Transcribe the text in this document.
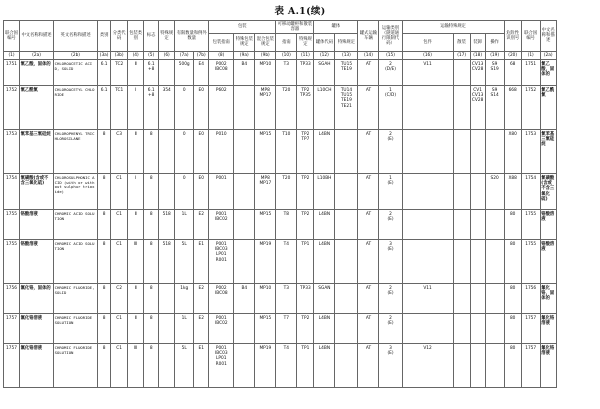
表 A.1(续)
联合国编号	中文名称和描述	英文名称和描述	类别	分类代码	包装类别	标志	特殊规定	有限数量和例外数量		包装			可移动罐柜和散装容器		罐体		罐式运输车辆	运输类别（隧道通行限制代码）	运输特殊规定				危险性识别号	联合国编号	中文名称和描述
										包装指南	特殊包装规定	混合包装规定	指南	特殊规定	罐体代码	特殊规定			包件	散装	装卸	操作			
(1)	(2a)	(2b)	(3a)	(3b)	(4)	(5)	(6)	(7a)	(7b)	(8)	(9a)	(9b)	(10)	(11)	(12)	(13)	(14)	(15)	(16)	(17)	(18)	(19)	(20)	(1)	(2a)
1751	氯乙酸，固体的	CHLOROACETIC ACID, SOLID	6.1	TC2	Ⅱ	6.1
+8		500g	E4	P002
IBC08	B4	MP10	T3	TP33	SGAH	TU15
TE19	AT	2
(D/E)	V11		CV13
CV28	S9
S19	68	1751	氯乙酸，固体的
1752	氯乙酰氯	CHLOROACETYL CHLORIDE	6.1	TC1	Ⅰ	6.1
+8	354	0	E0	P602		MP8
MP17	T20	TP2
TP35	L10CH	TU14
TU15
TE19
TE21	AT	1
(C/D)			CV1
CV13
CV28	S9
S14	668	1752	氯乙酰氯
1753	氯苯基三氯硅烷	CHLOROPHENYL TRICHLOROSILANE	8	C3	Ⅱ	8		0	E0	P010		MP15	T10	TP2
TP7	L4BN		AT	2
(E)					X80	1753	氯苯基三氯硅烷
1754	氯磺酸(含或不含三氧化硫)	CHLOROSULPHONIC ACID (with or without sulphur trioxide)	8	C1	Ⅰ	8		0	E0	P001		MP8
MP17	T20	TP2	L10BH		AT	1
(E)				S20	X88	1754	氯磺酸(含或不含三氧化硫)
1755	铬酸溶液	CHROMIC ACID SOLUTION	8	C1	Ⅱ	8	518	1L	E2	P001
IBC02		MP15	T8	TP2	L4BN		AT	2
(E)					80	1755	铬酸溶液
1755	铬酸溶液	CHROMIC ACID SOLUTION	8	C1	Ⅲ	8	518	5L	E1	P001
IBC03
LP01
R001		MP19	T4	TP1	L4BN		AT	3
(E)					80	1755	铬酸溶液
1756	氟化铬，固体的	CHROMIC FLUORIDE, SOLID	8	C2	Ⅱ	8		1kg	E2	P002
IBC08	B4	MP10	T3	TP33	SGAN		AT	2
(E)	V11				80	1756	氟化铬，固体的
1757	氟化铬溶液	CHROMIC FLUORIDE SOLUTION	8	C1	Ⅱ	8		1L	E2	P001
IBC02		MP15	T7	TP2	L4BN		AT	2
(E)					80	1757	氟化铬溶液
1757	氟化铬溶液	CHROMIC FLUORIDE SOLUTION	8	C1	Ⅲ	8		5L	E1	P001
IBC03
LP01
R001		MP19	T4	TP1	L4BN		AT	3
(E)	V12				80	1757	氟化铬溶液
